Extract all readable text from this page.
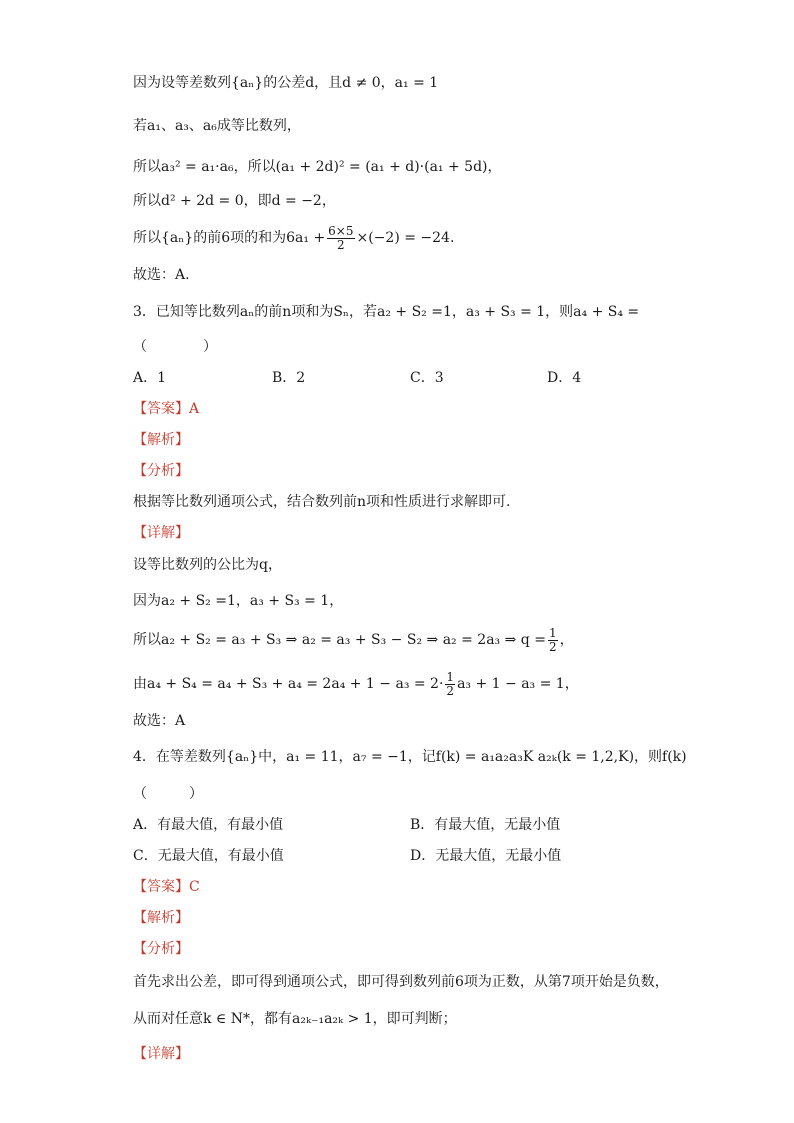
因为设等差数列{aₙ}的公差d，且d ≠ 0，a₁ = 1
若a₁、a₃、a₆成等比数列，
所以a₃² = a₁·a₆，所以(a₁ + 2d)² = (a₁ + d)·(a₁ + 5d)，
所以d² + 2d = 0，即d = −2，
所以{aₙ}的前6项的和为$6a_1 + \frac{6\times 5}{2} \times(-2) = -24$.
故选：A.
3．已知等比数列aₙ的前n项和为Sₙ，若a₂ + S₂ =1，a₃ + S₃ = 1，则a₄ + S₄ =
（　　　　）
A．1	B．2	C．3	D．4
【答案】A
【解析】
【分析】
根据等比数列通项公式，结合数列前n项和性质进行求解即可.
【详解】
设等比数列的公比为q，
因为a₂ + S₂ =1，a₃ + S₃ = 1，
所以a₂ + S₂ = a₃ + S₃ ⇒ a₂ = a₃ + S₃ − S₂ ⇒ a₂ = 2a₃ ⇒ $q = \frac{1}{2}$ ，
由$a_4 + S_4 = a_4 + S_3 + a_4 = 2a_4 + 1 - a_3 = 2\cdot \frac{1}{2} a_3 + 1 - a_3 = 1$，
故选：A
4．在等差数列{aₙ}中，a₁ = 11，a₇ = −1，记f(k) = a₁a₂a₃K a₂ₖ(k = 1,2,K)，则f(k)
（　　　）
A．有最大值，有最小值	B．有最大值，无最小值
C．无最大值，有最小值	D．无最大值，无最小值
【答案】C
【解析】
【分析】
首先求出公差，即可得到通项公式，即可得到数列前6项为正数，从第7项开始是负数，
从而对任意k ∈ N*，都有a₂ₖ₋₁a₂ₖ > 1，即可判断；
【详解】
